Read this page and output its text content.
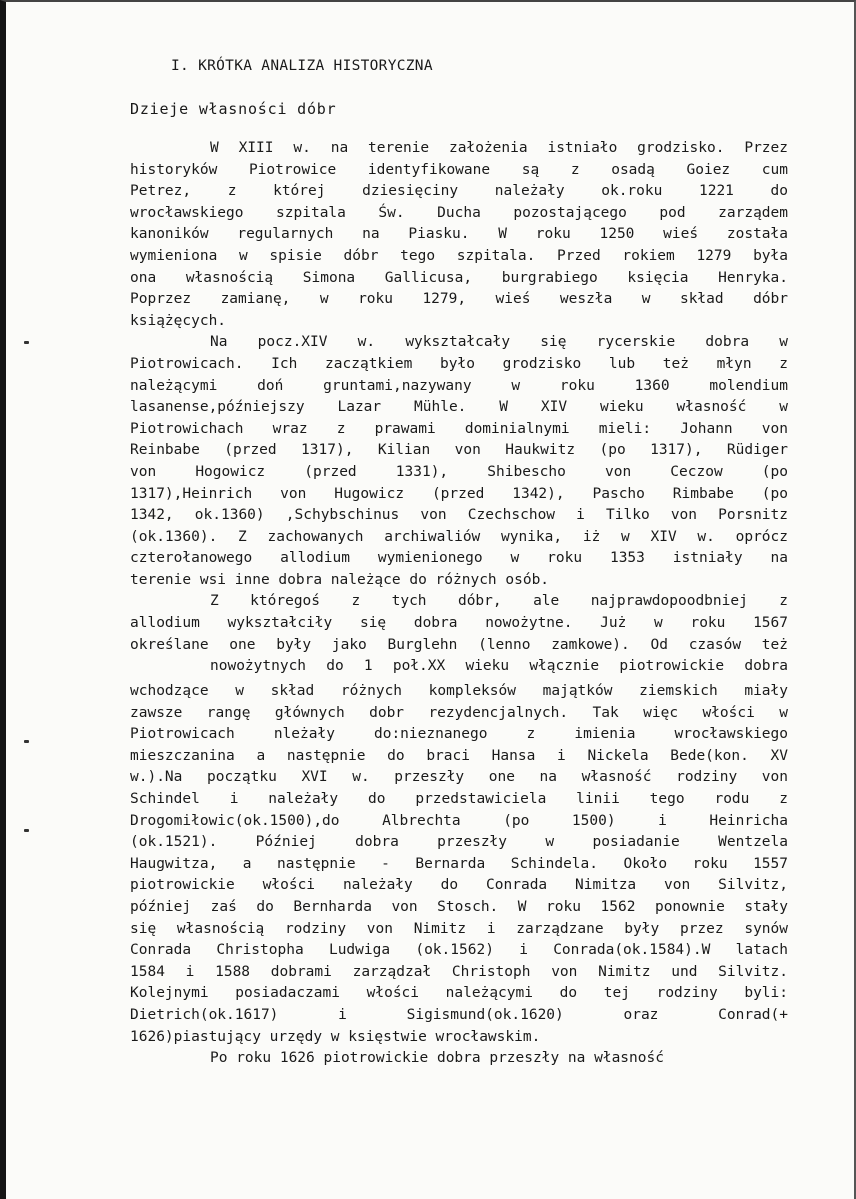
I. KRÓTKA ANALIZA HISTORYCZNA
Dzieje własności dóbr
W XIII w. na terenie założenia istniało grodzisko. Przez
historyków Piotrowice identyfikowane są z osadą Goiez cum
Petrez, z której dziesięciny należały ok.roku 1221 do
wrocławskiego szpitala Św. Ducha pozostającego pod zarządem
kanoników regularnych na Piasku. W roku 1250 wieś została
wymieniona w spisie dóbr tego szpitala. Przed rokiem 1279 była
ona własnością Simona Gallicusa, burgrabiego księcia Henryka.
Poprzez zamianę, w roku 1279, wieś weszła w skład dóbr
książęcych.
Na pocz.XIV w. wykształcały się rycerskie dobra w
Piotrowicach. Ich zaczątkiem było grodzisko lub też młyn z
należącymi doń gruntami,nazywany w roku 1360 molendium
lasanense,późniejszy Lazar Mühle. W XIV wieku własność w
Piotrowichach wraz z prawami dominialnymi mieli: Johann von
Reinbabe (przed 1317), Kilian von Haukwitz (po 1317), Rüdiger
von Hogowicz (przed 1331), Shibescho von Ceczow (po
1317),Heinrich von Hugowicz (przed 1342), Pascho Rimbabe (po
1342, ok.1360) ,Schybschinus von Czechschow i Tilko von Porsnitz
(ok.1360). Z zachowanych archiwaliów wynika, iż w XIV w. oprócz
czterołanowego allodium wymienionego w roku 1353 istniały na
terenie wsi inne dobra należące do różnych osób.
Z któregoś z tych dóbr, ale najprawdopoodbniej z
allodium wykształciły się dobra nowożytne. Już w roku 1567
określane one były jako Burglehn (lenno zamkowe). Od czasów też
nowożytnych do 1 poł.XX wieku włącznie piotrowickie dobra
wchodzące w skład różnych kompleksów majątków ziemskich miały
zawsze rangę głównych dobr rezydencjalnych. Tak więc włości w
Piotrowicach nleżały do:nieznanego z imienia wrocławskiego
mieszczanina a następnie do braci Hansa i Nickela Bede(kon. XV
w.).Na początku XVI w. przeszły one na własność rodziny von
Schindel i należały do przedstawiciela linii tego rodu z
Drogomiłowic(ok.1500),do Albrechta (po 1500) i Heinricha
(ok.1521). Później dobra przeszły w posiadanie Wentzela
Haugwitza, a następnie - Bernarda Schindela. Około roku 1557
piotrowickie włości należały do Conrada Nimitza von Silvitz,
później zaś do Bernharda von Stosch. W roku 1562 ponownie stały
się własnością rodziny von Nimitz i zarządzane były przez synów
Conrada Christopha Ludwiga (ok.1562) i Conrada(ok.1584).W latach
1584 i 1588 dobrami zarządzał Christoph von Nimitz und Silvitz.
Kolejnymi posiadaczami włości należącymi do tej rodziny byli:
Dietrich(ok.1617) i Sigismund(ok.1620) oraz Conrad(+
1626)piastujący urzędy w księstwie wrocławskim.
Po roku 1626 piotrowickie dobra przeszły na własność
